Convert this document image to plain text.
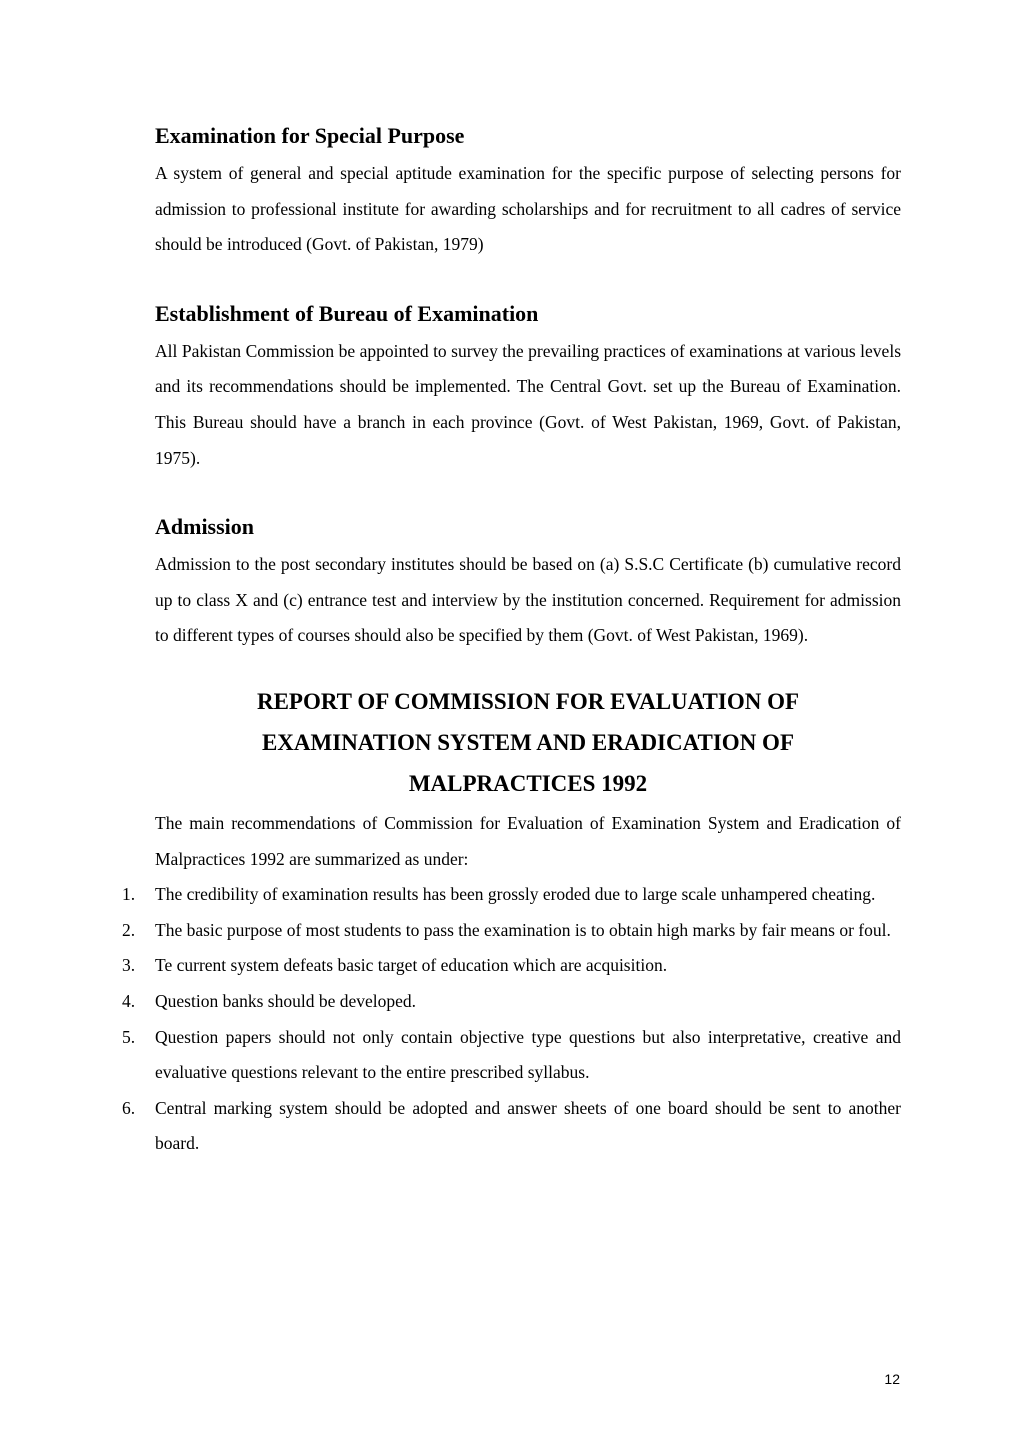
Examination for Special Purpose

A system of general and special aptitude examination for the specific purpose of selecting persons for admission to professional institute for awarding scholarships and for recruitment to all cadres of service should be introduced (Govt. of Pakistan, 1979)

Establishment of Bureau of Examination

All Pakistan Commission be appointed to survey the prevailing practices of examinations at various levels and its recommendations should be implemented. The Central Govt. set up the Bureau of Examination. This Bureau should have a branch in each province (Govt. of West Pakistan, 1969, Govt. of Pakistan, 1975).

Admission

Admission to the post secondary institutes should be based on (a) S.S.C Certificate (b) cumulative record up to class X and (c) entrance test and interview by the institution concerned. Requirement for admission to different types of courses should also be specified by them (Govt. of West Pakistan, 1969).

REPORT OF COMMISSION FOR EVALUATION OF
EXAMINATION SYSTEM AND ERADICATION OF
MALPRACTICES 1992

The main recommendations of Commission for Evaluation of Examination System and Eradication of Malpractices 1992 are summarized as under:

1.	The credibility of examination results has been grossly eroded due to large scale unhampered cheating.
2.	The basic purpose of most students to pass the examination is to obtain high marks by fair means or foul.
3.	Te current system defeats basic target of education which are acquisition.
4.	Question banks should be developed.
5.	Question papers should not only contain objective type questions but also interpretative, creative and evaluative questions relevant to the entire prescribed syllabus.
6.	Central marking system should be adopted and answer sheets of one board should be sent to another board.
12
